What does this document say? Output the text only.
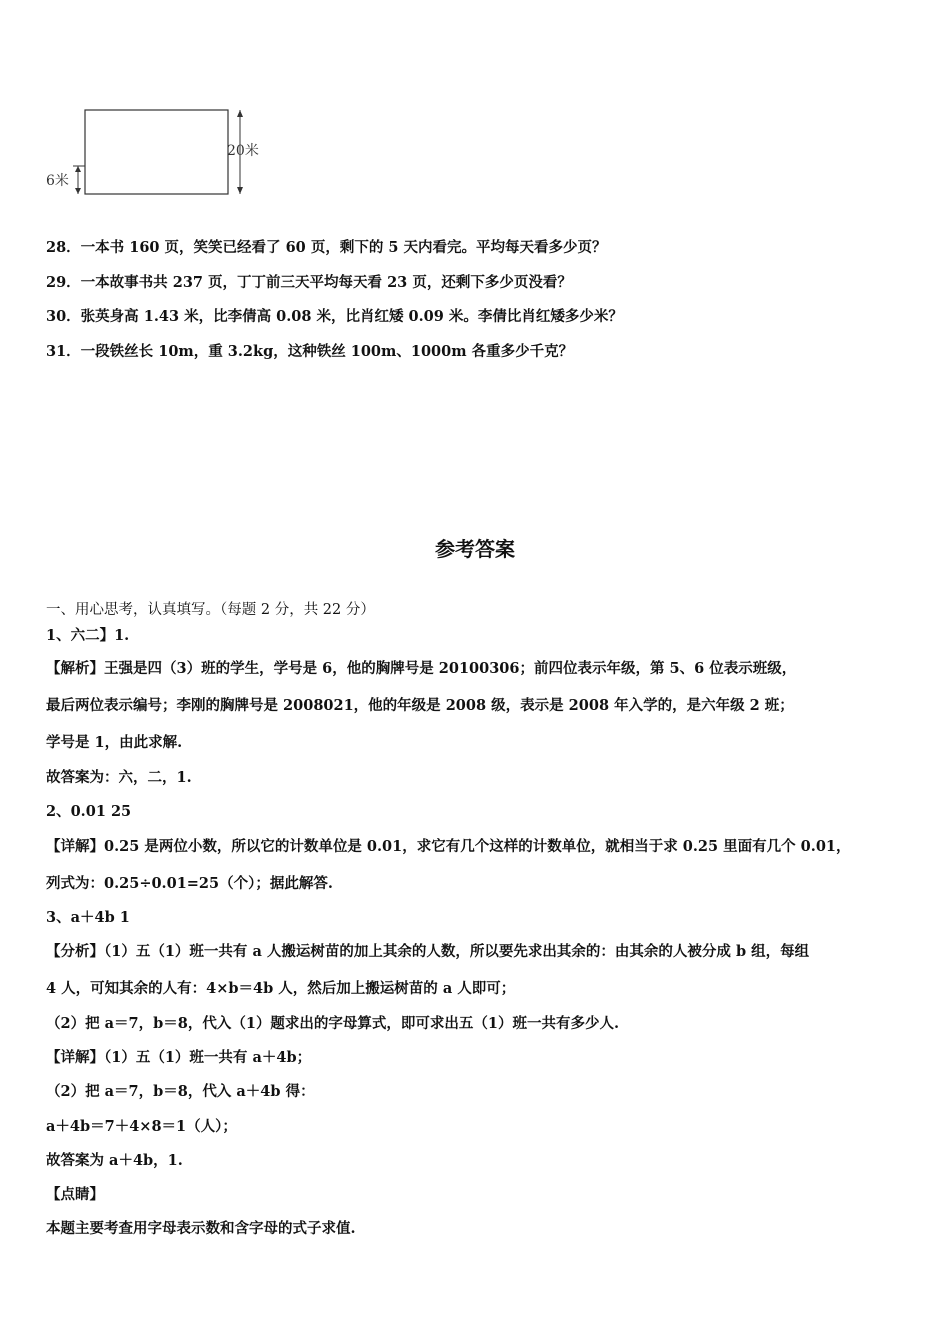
20米
6米
28．一本书 160 页，笑笑已经看了 60 页，剩下的 5 天内看完。平均每天看多少页？
29．一本故事书共 237 页，丁丁前三天平均每天看 23 页，还剩下多少页没看？
30．张英身高 1.43 米，比李倩高 0.08 米，比肖红矮 0.09 米。李倩比肖红矮多少米？
31．一段铁丝长 10m，重 3.2kg，这种铁丝 100m、1000m 各重多少千克？
参考答案
一、用心思考，认真填写。（每题 2 分，共 22 分）
1、六二】1.
【解析】王强是四（3）班的学生，学号是 6，他的胸牌号是 20100306；前四位表示年级，第 5、6 位表示班级，
最后两位表示编号；李刚的胸牌号是 2008021，他的年级是 2008 级，表示是 2008 年入学的，是六年级 2 班；
学号是 1，由此求解.
故答案为：六，二，1.
2、0.01 25
【详解】0.25 是两位小数，所以它的计数单位是 0.01，求它有几个这样的计数单位，就相当于求 0.25 里面有几个 0.01，
列式为：0.25÷0.01=25（个）；据此解答.
3、a＋4b 1
【分析】（1）五（1）班一共有 a 人搬运树苗的加上其余的人数，所以要先求出其余的：由其余的人被分成 b 组，每组
4 人，可知其余的人有：4×b＝4b 人，然后加上搬运树苗的 a 人即可；
（2）把 a＝7，b＝8，代入（1）题求出的字母算式，即可求出五（1）班一共有多少人.
【详解】（1）五（1）班一共有 a＋4b；
（2）把 a＝7，b＝8，代入 a＋4b 得：
a＋4b＝7＋4×8＝1（人）；
故答案为 a＋4b，1.
【点睛】
本题主要考查用字母表示数和含字母的式子求值.
